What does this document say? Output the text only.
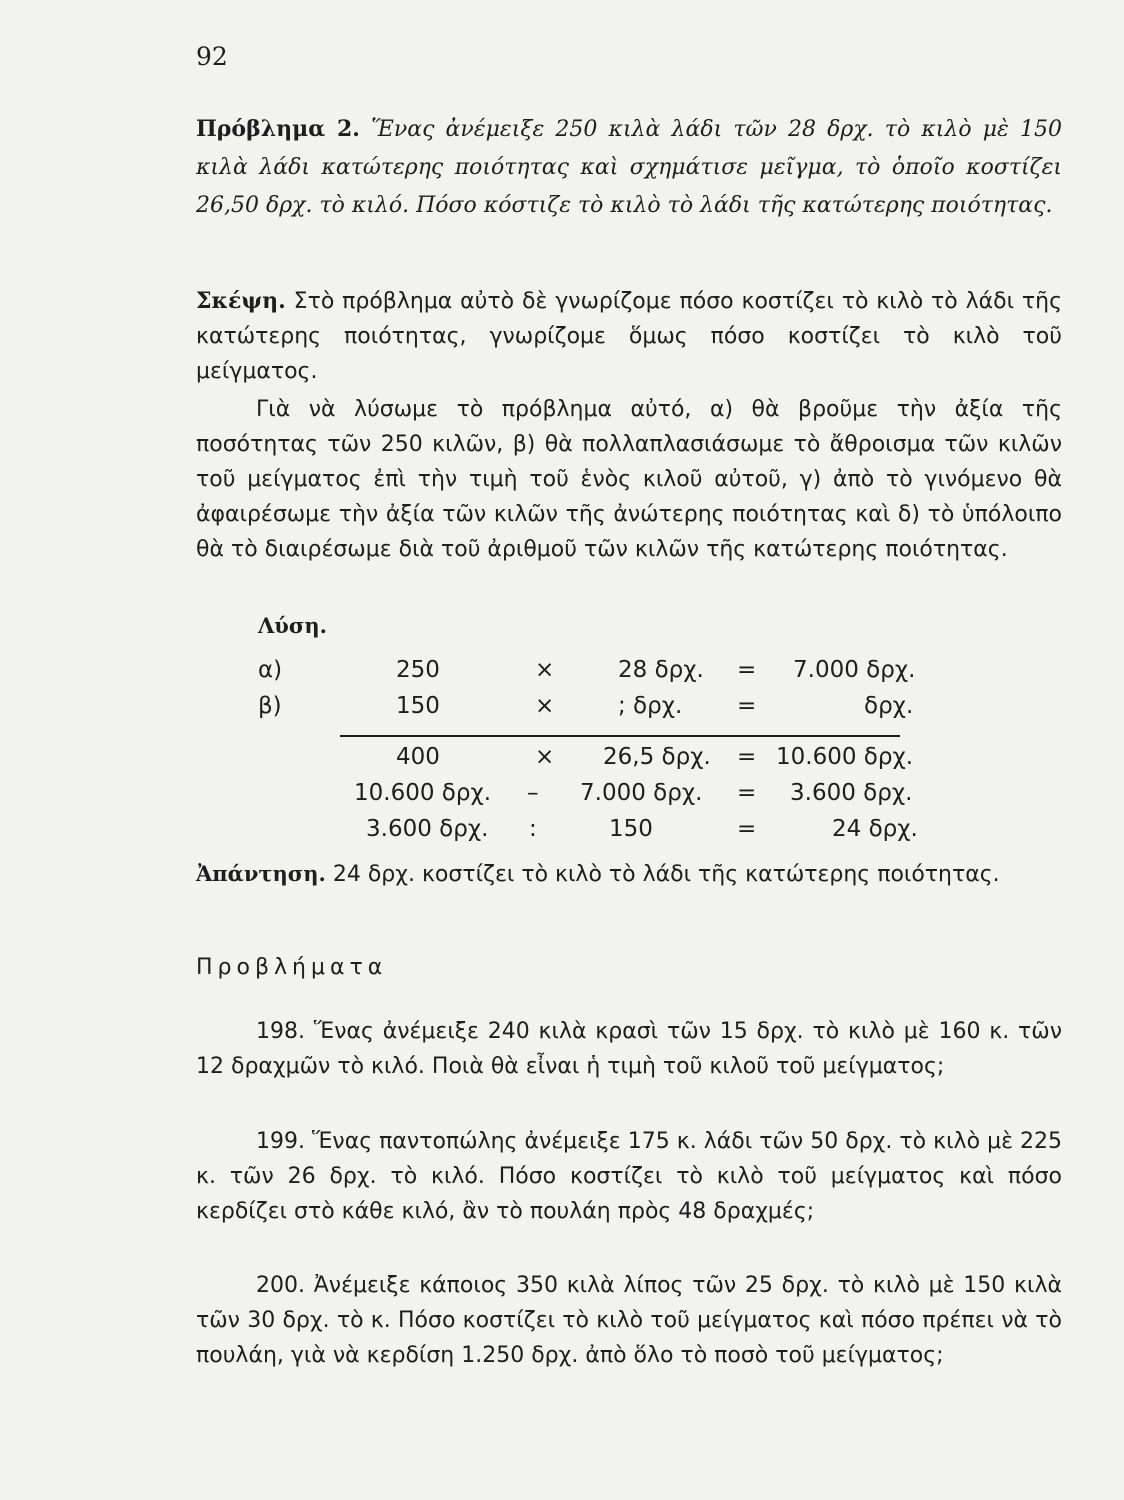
92
Πρόβλημα 2. Ἕνας ἀνέμειξε 250 κιλὰ λάδι τῶν 28 δρχ. τὸ κιλὸ μὲ 150 κιλὰ λάδι κατώτερης ποιότητας καὶ σχημάτισε μεῖγμα, τὸ ὁποῖο κοστίζει 26,50 δρχ. τὸ κιλό. Πόσο κόστιζε τὸ κιλὸ τὸ λάδι τῆς κατώτερης ποιότητας.
Σκέψη. Στὸ πρόβλημα αὐτὸ δὲ γνωρίζομε πόσο κοστίζει τὸ κιλὸ τὸ λάδι τῆς κατώτερης ποιότητας, γνωρίζομε ὅμως πόσο κοστίζει τὸ κιλὸ τοῦ μείγματος.
Γιὰ νὰ λύσωμε τὸ πρόβλημα αὐτό, α) θὰ βροῦμε τὴν ἀξία τῆς ποσότητας τῶν 250 κιλῶν, β) θὰ πολλαπλασιάσωμε τὸ ἄθροισμα τῶν κιλῶν τοῦ μείγματος ἐπὶ τὴν τιμὴ τοῦ ἑνὸς κιλοῦ αὐτοῦ, γ) ἀπὸ τὸ γινόμενο θὰ ἀφαιρέσωμε τὴν ἀξία τῶν κιλῶν τῆς ἀνώτερης ποιότητας καὶ δ) τὸ ὑπόλοιπο θὰ τὸ διαιρέσωμε διὰ τοῦ ἀριθμοῦ τῶν κιλῶν τῆς κατώτερης ποιότητας.
Λύση.
α)	250	×	28 δρχ. = 7.000 δρχ.
β)	150	×	; δρχ. =	δρχ.
400	× 26,5 δρχ. = 10.600 δρχ.
10.600 δρχ. – 7.000 δρχ. = 3.600 δρχ.
3.600 δρχ. :	150	=	24 δρχ.
Ἀπάντηση. 24 δρχ. κοστίζει τὸ κιλὸ τὸ λάδι τῆς κατώτερης ποιότητας.
Προβλήματα
198. Ἕνας ἀνέμειξε 240 κιλὰ κρασὶ τῶν 15 δρχ. τὸ κιλὸ μὲ 160 κ. τῶν 12 δραχμῶν τὸ κιλό. Ποιὰ θὰ εἶναι ἡ τιμὴ τοῦ κιλοῦ τοῦ μείγματος;
199. Ἕνας παντοπώλης ἀνέμειξε 175 κ. λάδι τῶν 50 δρχ. τὸ κιλὸ μὲ 225 κ. τῶν 26 δρχ. τὸ κιλό. Πόσο κοστίζει τὸ κιλὸ τοῦ μείγματος καὶ πόσο κερδίζει στὸ κάθε κιλό, ἂν τὸ πουλάη πρὸς 48 δραχμές;
200. Ἀνέμειξε κάποιος 350 κιλὰ λίπος τῶν 25 δρχ. τὸ κιλὸ μὲ 150 κιλὰ τῶν 30 δρχ. τὸ κ. Πόσο κοστίζει τὸ κιλὸ τοῦ μείγματος καὶ πόσο πρέπει νὰ τὸ πουλάη, γιὰ νὰ κερδίση 1.250 δρχ. ἀπὸ ὅλο τὸ ποσὸ τοῦ μείγματος;
